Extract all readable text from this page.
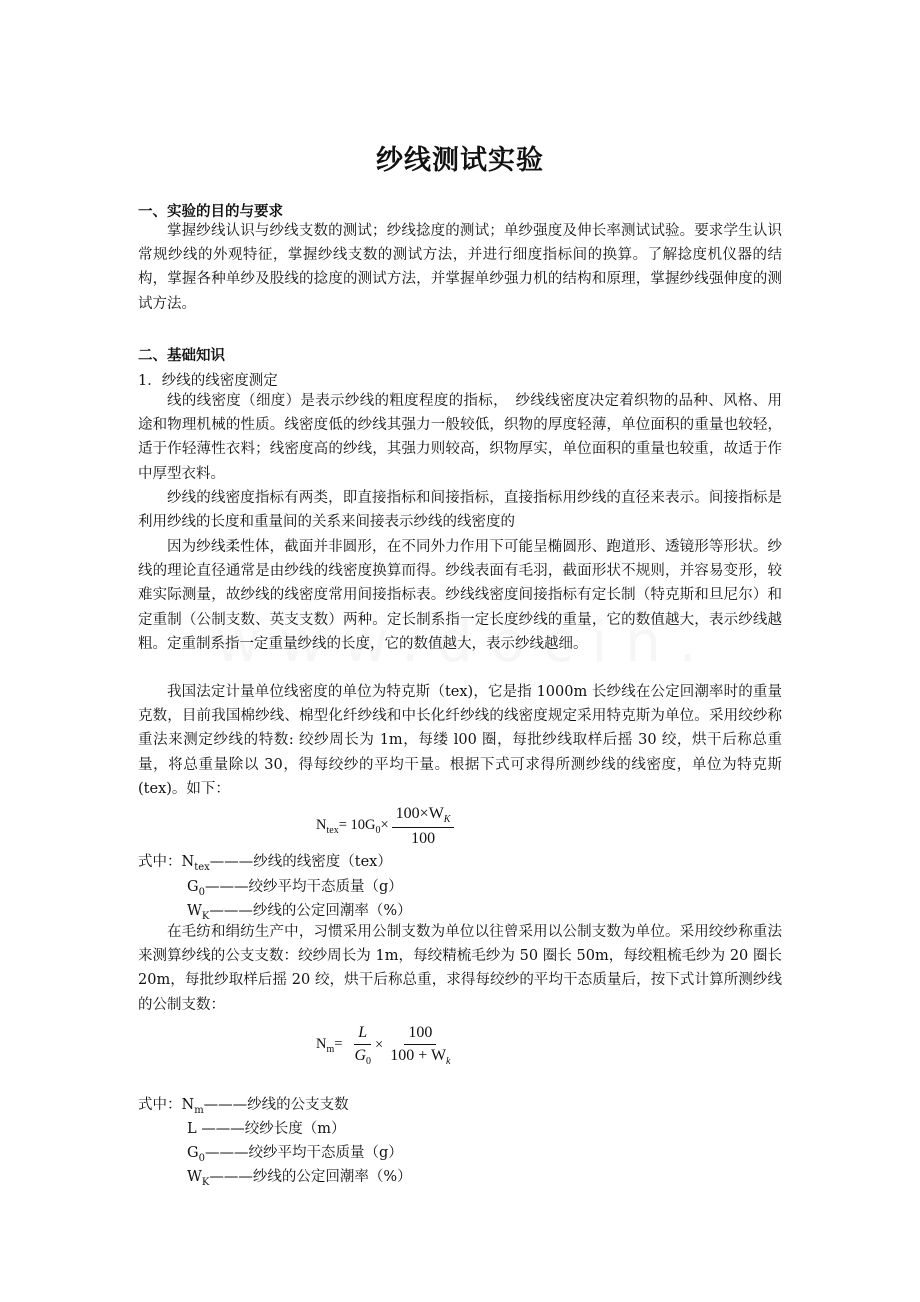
纱线测试实验
一、实验的目的与要求

掌握纱线认识与纱线支数的测试；纱线捻度的测试；单纱强度及伸长率测试试验。要求学生认识常规纱线的外观特征，掌握纱线支数的测试方法，并进行细度指标间的换算。了解捻度机仪器的结构，掌握各种单纱及股线的捻度的测试方法，并掌握单纱强力机的结构和原理，掌握纱线强伸度的测试方法。

二、基础知识
1．纱线的线密度测定

线的线密度（细度）是表示纱线的粗度程度的指标，　纱线线密度决定着织物的品种、风格、用途和物理机械的性质。线密度低的纱线其强力一般较低，织物的厚度轻薄，单位面积的重量也较轻，适于作轻薄性衣料；线密度高的纱线，其强力则较高，织物厚实，单位面积的重量也较重，故适于作中厚型衣料。

纱线的线密度指标有两类，即直接指标和间接指标，直接指标用纱线的直径来表示。间接指标是利用纱线的长度和重量间的关系来间接表示纱线的线密度的

因为纱线柔性体，截面并非圆形，在不同外力作用下可能呈椭圆形、跑道形、透镜形等形状。纱线的理论直径通常是由纱线的线密度换算而得。纱线表面有毛羽，截面形状不规则，并容易变形，较难实际测量，故纱线的线密度常用间接指标表。纱线线密度间接指标有定长制（特克斯和旦尼尔）和定重制（公制支数、英支支数）两种。定长制系指一定长度纱线的重量，它的数值越大，表示纱线越粗。定重制系指一定重量纱线的长度，它的数值越大，表示纱线越细。

我国法定计量单位线密度的单位为特克斯（tex)，它是指 1000m 长纱线在公定回潮率时的重量克数，目前我国棉纱线、棉型化纤纱线和中长化纤纱线的线密度规定采用特克斯为单位。采用绞纱称重法来测定纱线的特数: 绞纱周长为 1m，每缕 l00 圈，每批纱线取样后摇 30 绞，烘干后称总重量，将总重量除以 30，得每绞纱的平均干量。根据下式可求得所测纱线的线密度，单位为特克斯(tex)。如下：

$N_{tex}= 10G_0\times \frac{100\times W_K}{100}$
式中：$N_{tex}———$纱线的线密度（tex）
$G_0———$绞纱平均干态质量（g）
$W_K———$纱线的公定回潮率（%）

在毛纺和绢纺生产中，习惯采用公制支数为单位以往曾采用以公制支数为单位。采用绞纱称重法来测算纱线的公支支数：绞纱周长为 1m，每绞精梳毛纱为 50 圈长 50m，每绞粗梳毛纱为 20 圈长 20m，每批纱取样后摇 20 绞，烘干后称总重，求得每绞纱的平均干态质量后，按下式计算所测纱线的公制支数：

$N_m= \frac{L}{G_0} \times \frac{100}{100 + W_k}$
式中：$N_m———$纱线的公支支数
L ———绞纱长度（m）
$G_0———$绞纱平均干态质量（g）
$W_K———$纱线的公定回潮率（%）
